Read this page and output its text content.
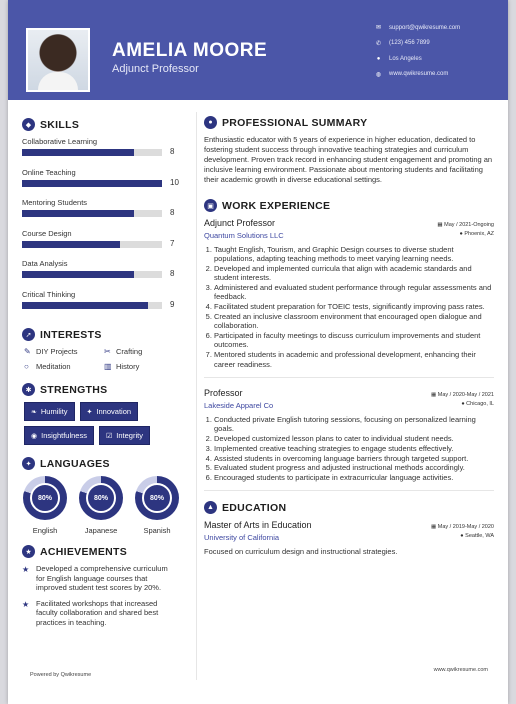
AMELIA MOORE
Adjunct Professor
✉	support@qwikresume.com
✆	(123) 456 7899
●	Los Angeles
◍	www.qwikresume.com
◆ SKILLS
Collaborative Learning
8
Online Teaching
10
Mentoring Students
8
Course Design
7
Data Analysis
8
Critical Thinking
9
➚ INTERESTS
✎ DIY Projects	✂ Crafting
○ Meditation	▥ History
✱ STRENGTHS
❧ Humility	✦ Innovation
◉ Insightfulness	☑ Integrity
✦ LANGUAGES
80%
English
80%
Japanese
80%
Spanish
★ ACHIEVEMENTS
★ Developed a comprehensive curriculum for English language courses that improved student test scores by 20%.
★ Facilitated workshops that increased faculty collaboration and shared best practices in teaching.
● PROFESSIONAL SUMMARY

Enthusiastic educator with 5 years of experience in higher education, dedicated to fostering student success through innovative teaching strategies and curriculum development. Proven track record in enhancing student engagement and promoting an inclusive learning environment. Passionate about mentoring students and facilitating their academic growth in diverse educational settings.

▣ WORK EXPERIENCE
Adjunct Professor	▦ May / 2021-Ongoing
Quantum Solutions LLC	● Phoenix, AZ
1. Taught English, Tourism, and Graphic Design courses to diverse student populations, adapting teaching methods to meet varying learning needs.
2. Developed and implemented curricula that align with academic standards and student interests.
3. Administered and evaluated student performance through regular assessments and feedback.
4. Facilitated student preparation for TOEIC tests, significantly improving pass rates.
5. Created an inclusive classroom environment that encouraged open dialogue and collaboration.
6. Participated in faculty meetings to discuss curriculum improvements and student outcomes.
7. Mentored students in academic and professional development, enhancing their career readiness.
Professor	▦ May / 2020-May / 2021
Lakeside Apparel Co	● Chicago, IL
1. Conducted private English tutoring sessions, focusing on personalized learning goals.
2. Developed customized lesson plans to cater to individual student needs.
3. Implemented creative teaching strategies to engage students effectively.
4. Assisted students in overcoming language barriers through targeted support.
5. Evaluated student progress and adjusted instructional methods accordingly.
6. Encouraged students to participate in extracurricular language activities.
▲ EDUCATION
Master of Arts in Education	▦ May / 2019-May / 2020
University of California	● Seattle, WA

Focused on curriculum design and instructional strategies.

www.qwikresume.com
Powered by Qwikresume
